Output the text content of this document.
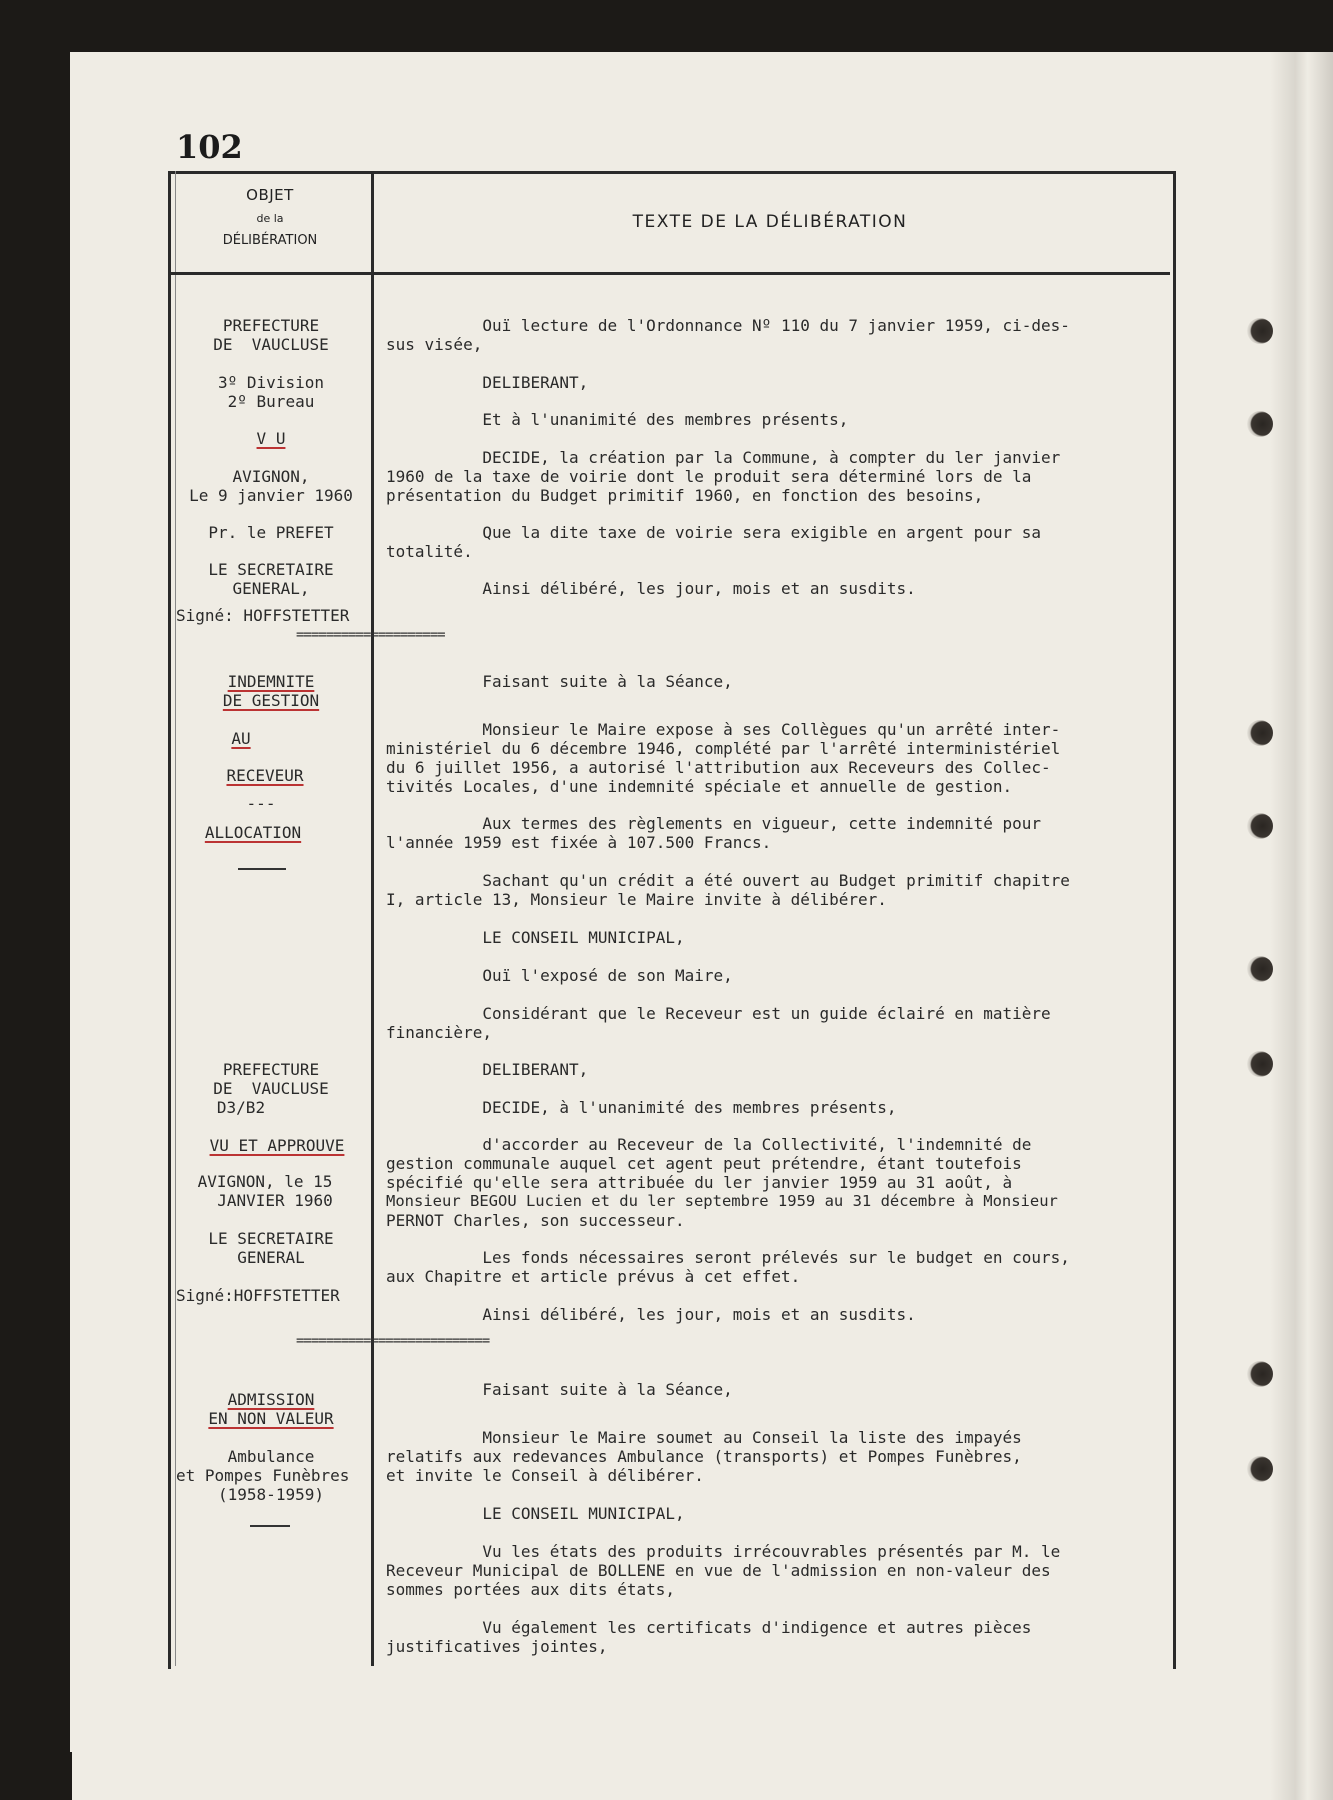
102
OBJET
de la
DÉLIBÉRATION
TEXTE DE LA DÉLIBÉRATION
PREFECTURE
DE  VAUCLUSE
3º Division
2º Bureau
V U
AVIGNON,
Le 9 janvier 1960
Pr. le PREFET
LE SECRETAIRE
GENERAL,
Signé: HOFFSTETTER
====================
INDEMNITE
DE GESTION
AU
RECEVEUR
---
ALLOCATION
PREFECTURE
DE  VAUCLUSE
D3/B2
VU ET APPROUVE
AVIGNON, le 15
JANVIER 1960
LE SECRETAIRE
GENERAL
Signé:HOFFSTETTER
==========================
ADMISSION
EN NON VALEUR
Ambulance
et Pompes Funèbres
(1958-1959)
Ouï lecture de l'Ordonnance Nº 110 du 7 janvier 1959, ci-des-
sus visée,
DELIBERANT,
Et à l'unanimité des membres présents,
DECIDE, la création par la Commune, à compter du ler janvier
1960 de la taxe de voirie dont le produit sera déterminé lors de la
présentation du Budget primitif 1960, en fonction des besoins,
Que la dite taxe de voirie sera exigible en argent pour sa
totalité.
Ainsi délibéré, les jour, mois et an susdits.
Faisant suite à la Séance,
Monsieur le Maire expose à ses Collègues qu'un arrêté inter-
ministériel du 6 décembre 1946, complété par l'arrêté interministériel
du 6 juillet 1956, a autorisé l'attribution aux Receveurs des Collec-
tivités Locales, d'une indemnité spéciale et annuelle de gestion.
Aux termes des règlements en vigueur, cette indemnité pour
l'année 1959 est fixée à 107.500 Francs.
Sachant qu'un crédit a été ouvert au Budget primitif chapitre
I, article 13, Monsieur le Maire invite à délibérer.
LE CONSEIL MUNICIPAL,
Ouï l'exposé de son Maire,
Considérant que le Receveur est un guide éclairé en matière
financière,
DELIBERANT,
DECIDE, à l'unanimité des membres présents,
d'accorder au Receveur de la Collectivité, l'indemnité de
gestion communale auquel cet agent peut prétendre, étant toutefois
spécifié qu'elle sera attribuée du ler janvier 1959 au 31 août, à
Monsieur BEGOU Lucien et du ler septembre 1959 au 31 décembre à Monsieur
PERNOT Charles, son successeur.
Les fonds nécessaires seront prélevés sur le budget en cours,
aux Chapitre et article prévus à cet effet.
Ainsi délibéré, les jour, mois et an susdits.
Faisant suite à la Séance,
Monsieur le Maire soumet au Conseil la liste des impayés
relatifs aux redevances Ambulance (transports) et Pompes Funèbres,
et invite le Conseil à délibérer.
LE CONSEIL MUNICIPAL,
Vu les états des produits irrécouvrables présentés par M. le
Receveur Municipal de BOLLENE en vue de l'admission en non-valeur des
sommes portées aux dits états,
Vu également les certificats d'indigence et autres pièces
justificatives jointes,
